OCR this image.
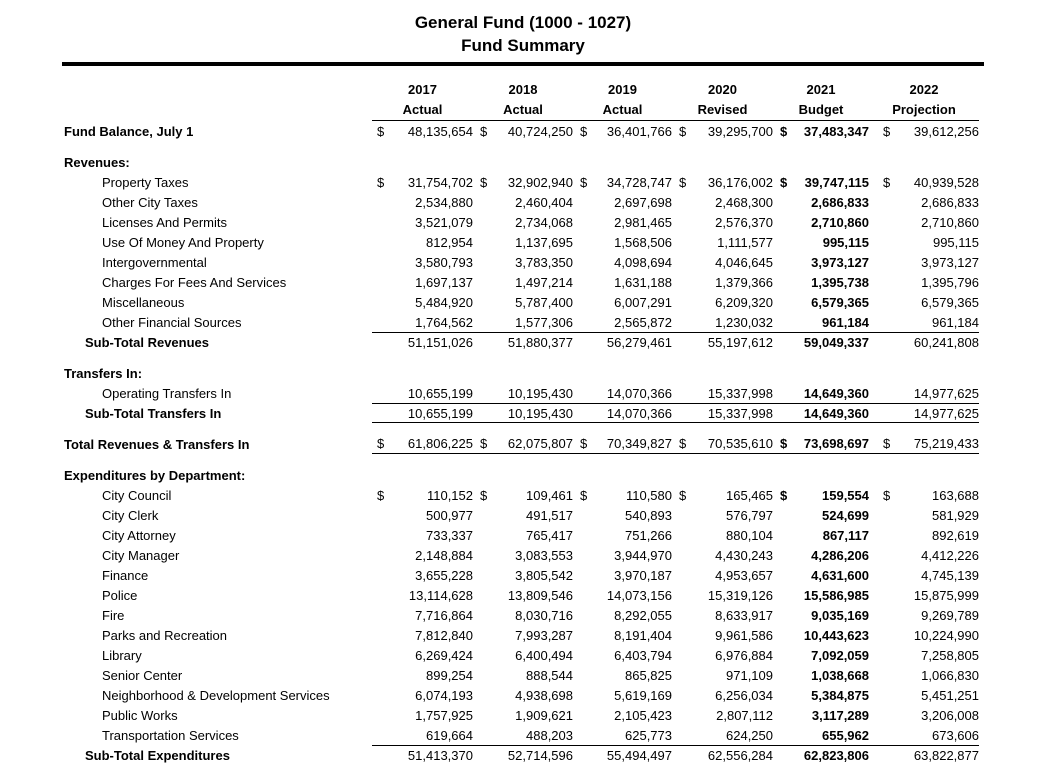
General Fund (1000 - 1027)
Fund Summary
2017	2018	2019	2020	2021	2022
Actual	Actual	Actual	Revised	Budget	Projection
Fund Balance, July 1	$	48,135,654 $	40,724,250 $	36,401,766 $	39,295,700 $	37,483,347 $	39,612,256
Revenues:
Property Taxes	$	31,754,702 $	32,902,940 $	34,728,747 $	36,176,002 $	39,747,115 $	40,939,528
Other City Taxes	2,534,880	2,460,404	2,697,698	2,468,300	2,686,833	2,686,833
Licenses And Permits	3,521,079	2,734,068	2,981,465	2,576,370	2,710,860	2,710,860
Use Of Money And Property	812,954	1,137,695	1,568,506	1,111,577	995,115	995,115
Intergovernmental	3,580,793	3,783,350	4,098,694	4,046,645	3,973,127	3,973,127
Charges For Fees And Services	1,697,137	1,497,214	1,631,188	1,379,366	1,395,738	1,395,796
Miscellaneous	5,484,920	5,787,400	6,007,291	6,209,320	6,579,365	6,579,365
Other Financial Sources	1,764,562	1,577,306	2,565,872	1,230,032	961,184	961,184
Sub-Total Revenues	51,151,026	51,880,377	56,279,461	55,197,612	59,049,337	60,241,808
Transfers In:
Operating Transfers In	10,655,199	10,195,430	14,070,366	15,337,998	14,649,360	14,977,625
Sub-Total Transfers In	10,655,199	10,195,430	14,070,366	15,337,998	14,649,360	14,977,625
Total Revenues & Transfers In	$	61,806,225 $	62,075,807 $	70,349,827 $	70,535,610 $	73,698,697 $	75,219,433
Expenditures by Department:
City Council	$	110,152 $	109,461 $	110,580 $	165,465 $	159,554 $	163,688
City Clerk	500,977	491,517	540,893	576,797	524,699	581,929
City Attorney	733,337	765,417	751,266	880,104	867,117	892,619
City Manager	2,148,884	3,083,553	3,944,970	4,430,243	4,286,206	4,412,226
Finance	3,655,228	3,805,542	3,970,187	4,953,657	4,631,600	4,745,139
Police	13,114,628	13,809,546	14,073,156	15,319,126	15,586,985	15,875,999
Fire	7,716,864	8,030,716	8,292,055	8,633,917	9,035,169	9,269,789
Parks and Recreation	7,812,840	7,993,287	8,191,404	9,961,586	10,443,623	10,224,990
Library	6,269,424	6,400,494	6,403,794	6,976,884	7,092,059	7,258,805
Senior Center	899,254	888,544	865,825	971,109	1,038,668	1,066,830
Neighborhood & Development Services	6,074,193	4,938,698	5,619,169	6,256,034	5,384,875	5,451,251
Public Works	1,757,925	1,909,621	2,105,423	2,807,112	3,117,289	3,206,008
Transportation Services	619,664	488,203	625,773	624,250	655,962	673,606
Sub-Total Expenditures	51,413,370	52,714,596	55,494,497	62,556,284	62,823,806	63,822,877
